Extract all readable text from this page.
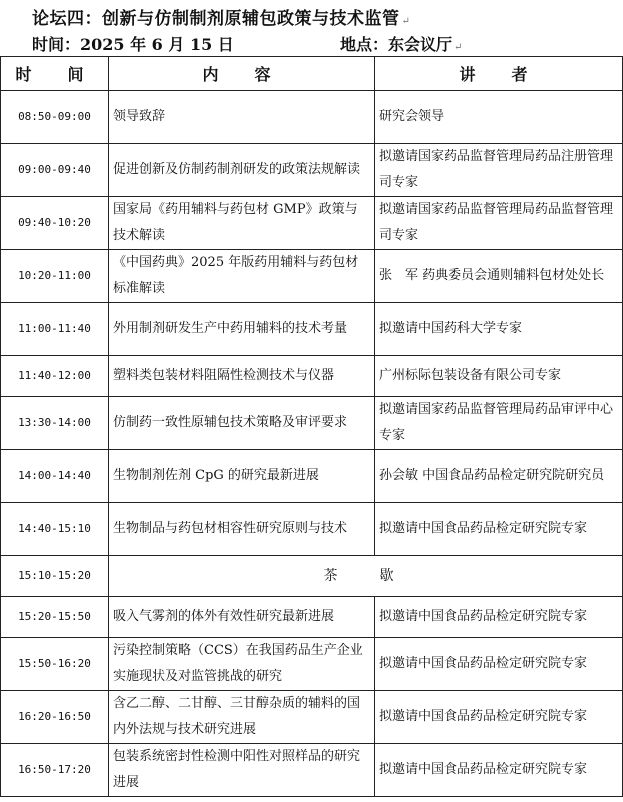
论坛四：创新与仿制制剂原辅包政策与技术监管 ↵
时间：2025 年 6 月 15 日	地点：东会议厅 ↵
时　间	内　容	讲　者
08:50-09:00	领导致辞	研究会领导
09:00-09:40	促进创新及仿制药制剂研发的政策法规解读	拟邀请国家药品监督管理局药品注册管理司专家
09:40-10:20	国家局《药用辅料与药包材 GMP》政策与技术解读	拟邀请国家药品监督管理局药品监督管理司专家
10:20-11:00	《中国药典》2025 年版药用辅料与药包材标准解读	张　军 药典委员会通则辅料包材处处长
11:00-11:40	外用制剂研发生产中药用辅料的技术考量	拟邀请中国药科大学专家
11:40-12:00	塑料类包装材料阻隔性检测技术与仪器	广州标际包装设备有限公司专家
13:30-14:00	仿制药一致性原辅包技术策略及审评要求	拟邀请国家药品监督管理局药品审评中心专家
14:00-14:40	生物制剂佐剂 CpG 的研究最新进展	孙会敏 中国食品药品检定研究院研究员
14:40-15:10	生物制品与药包材相容性研究原则与技术	拟邀请中国食品药品检定研究院专家
15:10-15:20	茶　歇	
15:20-15:50	吸入气雾剂的体外有效性研究最新进展	拟邀请中国食品药品检定研究院专家
15:50-16:20	污染控制策略（CCS）在我国药品生产企业实施现状及对监管挑战的研究	拟邀请中国食品药品检定研究院专家
16:20-16:50	含乙二醇、二甘醇、三甘醇杂质的辅料的国内外法规与技术研究进展	拟邀请中国食品药品检定研究院专家
16:50-17:20	包装系统密封性检测中阳性对照样品的研究进展	拟邀请中国食品药品检定研究院专家
